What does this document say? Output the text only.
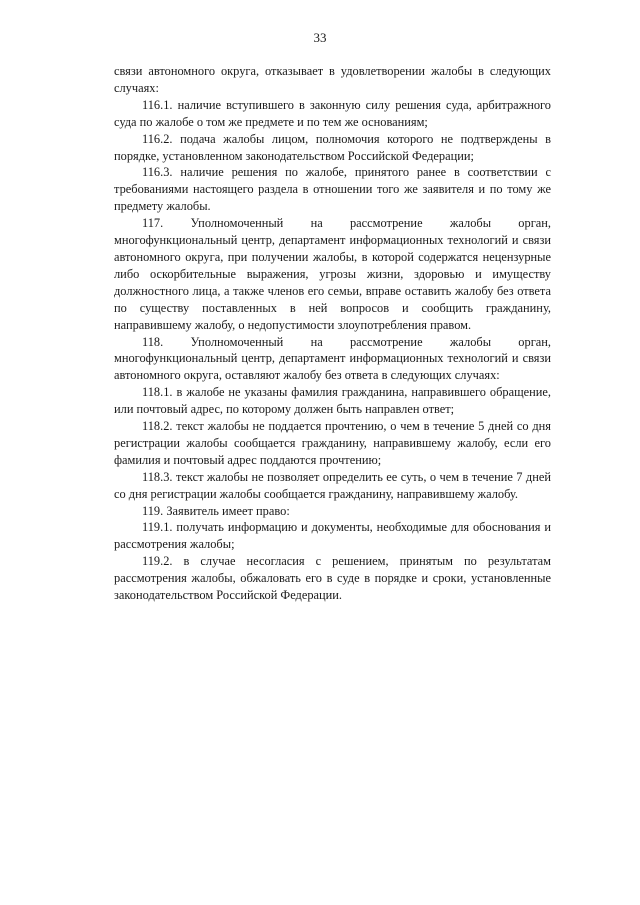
33

связи автономного округа, отказывает в удовлетворении жалобы в следующих случаях:

116.1. наличие вступившего в законную силу решения суда, арбитражного суда по жалобе о том же предмете и по тем же основаниям;

116.2. подача жалобы лицом, полномочия которого не подтверждены в порядке, установленном законодательством Российской Федерации;

116.3. наличие решения по жалобе, принятого ранее в соответствии с требованиями настоящего раздела в отношении того же заявителя и по тому же предмету жалобы.

117. Уполномоченный на рассмотрение жалобы орган, многофункциональный центр, департамент информационных технологий и связи автономного округа, при получении жалобы, в которой содержатся нецензурные либо оскорбительные выражения, угрозы жизни, здоровью и имуществу должностного лица, а также членов его семьи, вправе оставить жалобу без ответа по существу поставленных в ней вопросов и сообщить гражданину, направившему жалобу, о недопустимости злоупотребления правом.

118. Уполномоченный на рассмотрение жалобы орган, многофункциональный центр, департамент информационных технологий и связи автономного округа, оставляют жалобу без ответа в следующих случаях:

118.1. в жалобе не указаны фамилия гражданина, направившего обращение, или почтовый адрес, по которому должен быть направлен ответ;

118.2. текст жалобы не поддается прочтению, о чем в течение 5 дней со дня регистрации жалобы сообщается гражданину, направившему жалобу, если его фамилия и почтовый адрес поддаются прочтению;

118.3. текст жалобы не позволяет определить ее суть, о чем в течение 7 дней со дня регистрации жалобы сообщается гражданину, направившему жалобу.

119. Заявитель имеет право:

119.1. получать информацию и документы, необходимые для обоснования и рассмотрения жалобы;

119.2. в случае несогласия с решением, принятым по результатам рассмотрения жалобы, обжаловать его в суде в порядке и сроки, установленные законодательством Российской Федерации.
